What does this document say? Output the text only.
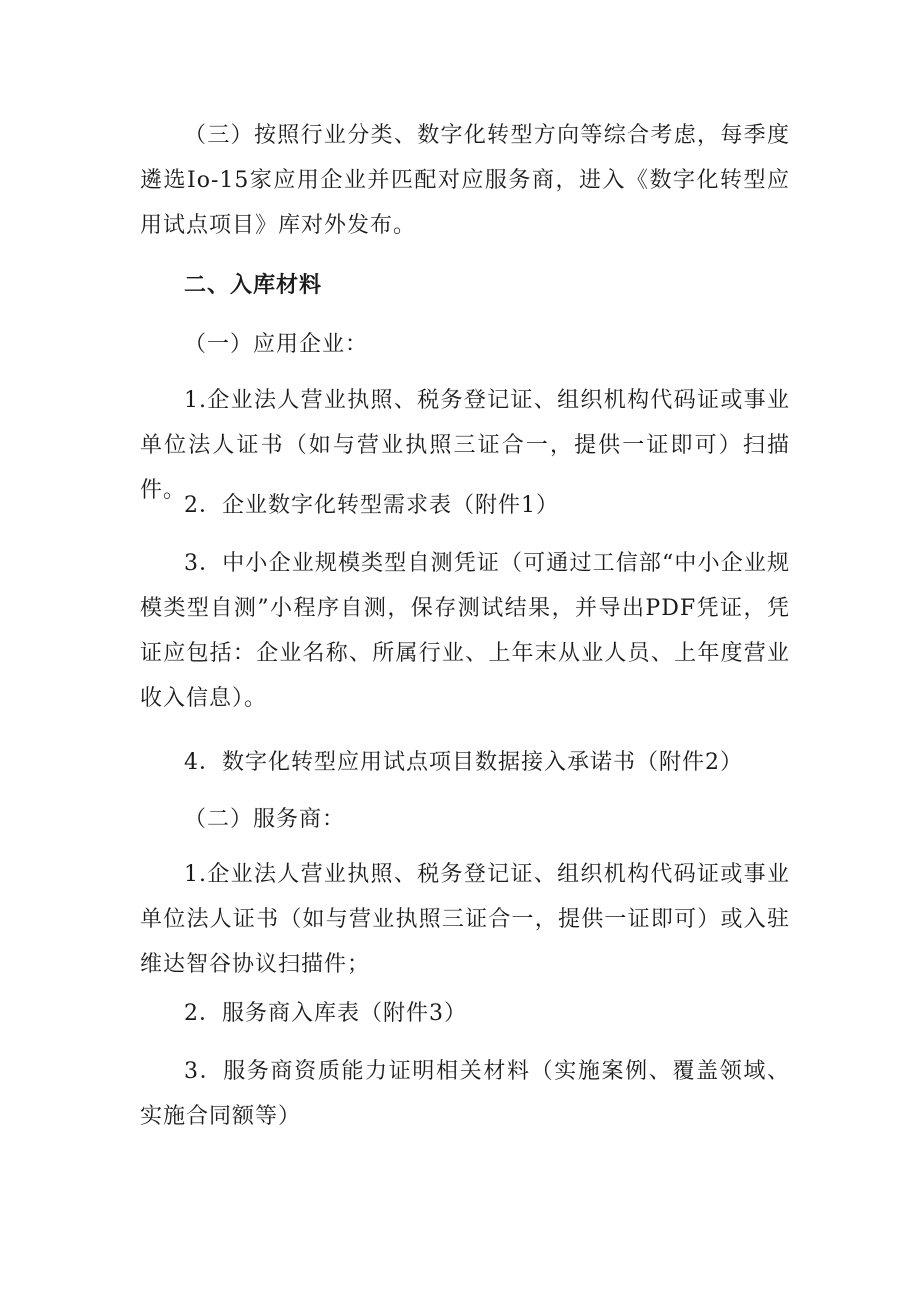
（三）按照行业分类、数字化转型方向等综合考虑，每季度遴选Io-15家应用企业并匹配对应服务商，进入《数字化转型应用试点项目》库对外发布。

二、入库材料

（一）应用企业：

1.企业法人营业执照、税务登记证、组织机构代码证或事业单位法人证书（如与营业执照三证合一，提供一证即可）扫描件。

2．企业数字化转型需求表（附件1）

3．中小企业规模类型自测凭证（可通过工信部“中小企业规模类型自测”小程序自测，保存测试结果，并导出PDF凭证，凭证应包括：企业名称、所属行业、上年末从业人员、上年度营业收入信息）。

4．数字化转型应用试点项目数据接入承诺书（附件2）

（二）服务商：

1.企业法人营业执照、税务登记证、组织机构代码证或事业单位法人证书（如与营业执照三证合一，提供一证即可）或入驻维达智谷协议扫描件；

2．服务商入库表（附件3）

3．服务商资质能力证明相关材料（实施案例、覆盖领域、实施合同额等）
